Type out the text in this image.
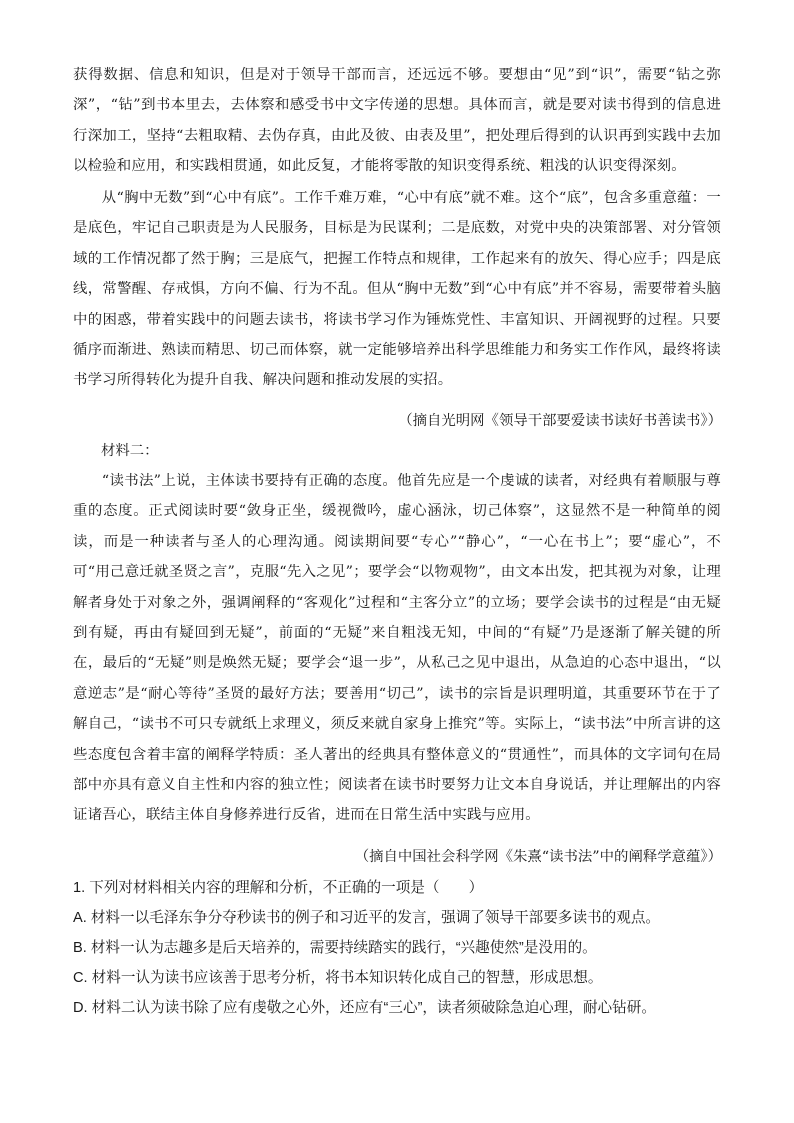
获得数据、信息和知识，但是对于领导干部而言，还远远不够。要想由“见”到“识”，需要“钻之弥深”，“钻”到书本里去，去体察和感受书中文字传递的思想。具体而言，就是要对读书得到的信息进行深加工，坚持“去粗取精、去伪存真，由此及彼、由表及里”，把处理后得到的认识再到实践中去加以检验和应用，和实践相贯通，如此反复，才能将零散的知识变得系统、粗浅的认识变得深刻。

从“胸中无数”到“心中有底”。工作千难万难，“心中有底”就不难。这个“底”，包含多重意蕴：一是底色，牢记自己职责是为人民服务，目标是为民谋利；二是底数，对党中央的决策部署、对分管领域的工作情况都了然于胸；三是底气，把握工作特点和规律，工作起来有的放矢、得心应手；四是底线，常警醒、存戒惧，方向不偏、行为不乱。但从“胸中无数”到“心中有底”并不容易，需要带着头脑中的困惑，带着实践中的问题去读书，将读书学习作为锤炼党性、丰富知识、开阔视野的过程。只要循序而渐进、熟读而精思、切己而体察，就一定能够培养出科学思维能力和务实工作作风，最终将读书学习所得转化为提升自我、解决问题和推动发展的实招。

（摘自光明网《领导干部要爱读书读好书善读书》）
材料二：

“读书法”上说，主体读书要持有正确的态度。他首先应是一个虔诚的读者，对经典有着顺服与尊重的态度。正式阅读时要“敛身正坐，缓视微吟，虚心涵泳，切己体察”，这显然不是一种简单的阅读，而是一种读者与圣人的心理沟通。阅读期间要“专心”“静心”，“一心在书上”；要“虚心”，不可“用己意迁就圣贤之言”，克服“先入之见”；要学会“以物观物”，由文本出发，把其视为对象，让理解者身处于对象之外，强调阐释的“客观化”过程和“主客分立”的立场；要学会读书的过程是“由无疑到有疑，再由有疑回到无疑”，前面的“无疑”来自粗浅无知，中间的“有疑”乃是逐渐了解关键的所在，最后的“无疑”则是焕然无疑；要学会“退一步”，从私己之见中退出，从急迫的心态中退出，“以意逆志”是“耐心等待”圣贤的最好方法；要善用“切己”，读书的宗旨是识理明道，其重要环节在于了解自己，“读书不可只专就纸上求理义，须反来就自家身上推究”等。实际上，“读书法”中所言讲的这些态度包含着丰富的阐释学特质：圣人著出的经典具有整体意义的“贯通性”，而具体的文字词句在局部中亦具有意义自主性和内容的独立性；阅读者在读书时要努力让文本自身说话，并让理解出的内容证诸吾心，联结主体自身修养进行反省，进而在日常生活中实践与应用。

（摘自中国社会科学网《朱熹“读书法”中的阐释学意蕴》）

1. 下列对材料相关内容的理解和分析，不正确的一项是（　　）

A. 材料一以毛泽东争分夺秒读书的例子和习近平的发言，强调了领导干部要多读书的观点。

B. 材料一认为志趣多是后天培养的，需要持续踏实的践行，“兴趣使然”是没用的。

C. 材料一认为读书应该善于思考分析，将书本知识转化成自己的智慧，形成思想。

D. 材料二认为读书除了应有虔敬之心外，还应有“三心”，读者须破除急迫心理，耐心钻研。
